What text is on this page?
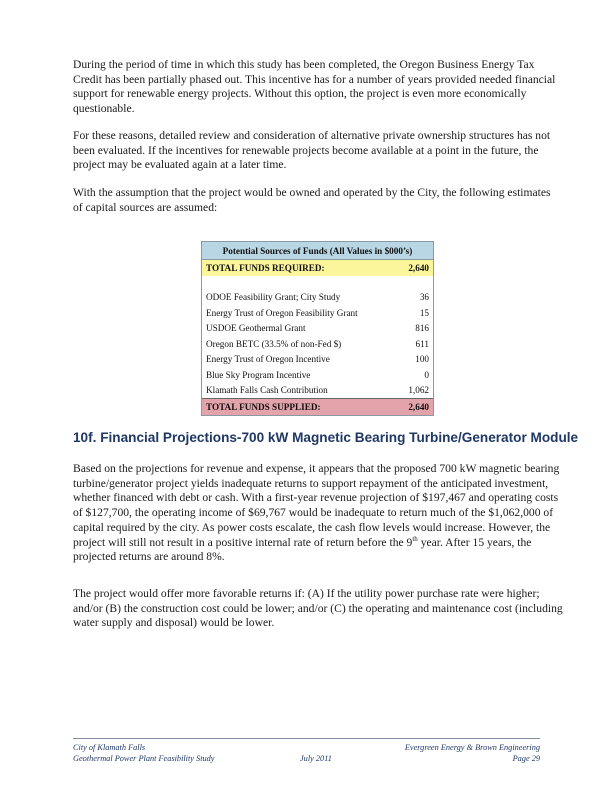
During the period of time in which this study has been completed, the Oregon Business Energy Tax Credit has been partially phased out. This incentive has for a number of years provided needed financial support for renewable energy projects. Without this option, the project is even more economically questionable.

For these reasons, detailed review and consideration of alternative private ownership structures has not been evaluated. If the incentives for renewable projects become available at a point in the future, the project may be evaluated again at a later time.

With the assumption that the project would be owned and operated by the City, the following estimates of capital sources are assumed:

Potential Sources of Funds (All Values in $000’s)	
TOTAL FUNDS REQUIRED:	2,640

ODOE Feasibility Grant; City Study	36
Energy Trust of Oregon Feasibility Grant	15
USDOE Geothermal Grant	816
Oregon BETC (33.5% of non-Fed $)	611
Energy Trust of Oregon Incentive	100
Blue Sky Program Incentive	0
Klamath Falls Cash Contribution	1,062
TOTAL FUNDS SUPPLIED:	2,640
10f. Financial Projections-700 kW Magnetic Bearing Turbine/Generator Module

Based on the projections for revenue and expense, it appears that the proposed 700 kW magnetic bearing turbine/generator project yields inadequate returns to support repayment of the anticipated investment, whether financed with debt or cash. With a first-year revenue projection of $197,467 and operating costs of $127,700, the operating income of $69,767 would be inadequate to return much of the $1,062,000 of capital required by the city. As power costs escalate, the cash flow levels would increase. However, the project will still not result in a positive internal rate of return before the 9th year. After 15 years, the projected returns are around 8%.

The project would offer more favorable returns if: (A) If the utility power purchase rate were higher; and/or (B) the construction cost could be lower; and/or (C) the operating and maintenance cost (including water supply and disposal) would be lower.

City of Klamath Falls
Geothermal Power Plant Feasibility Study	July 2011
Evergreen Energy & Brown Engineering
Page 29
